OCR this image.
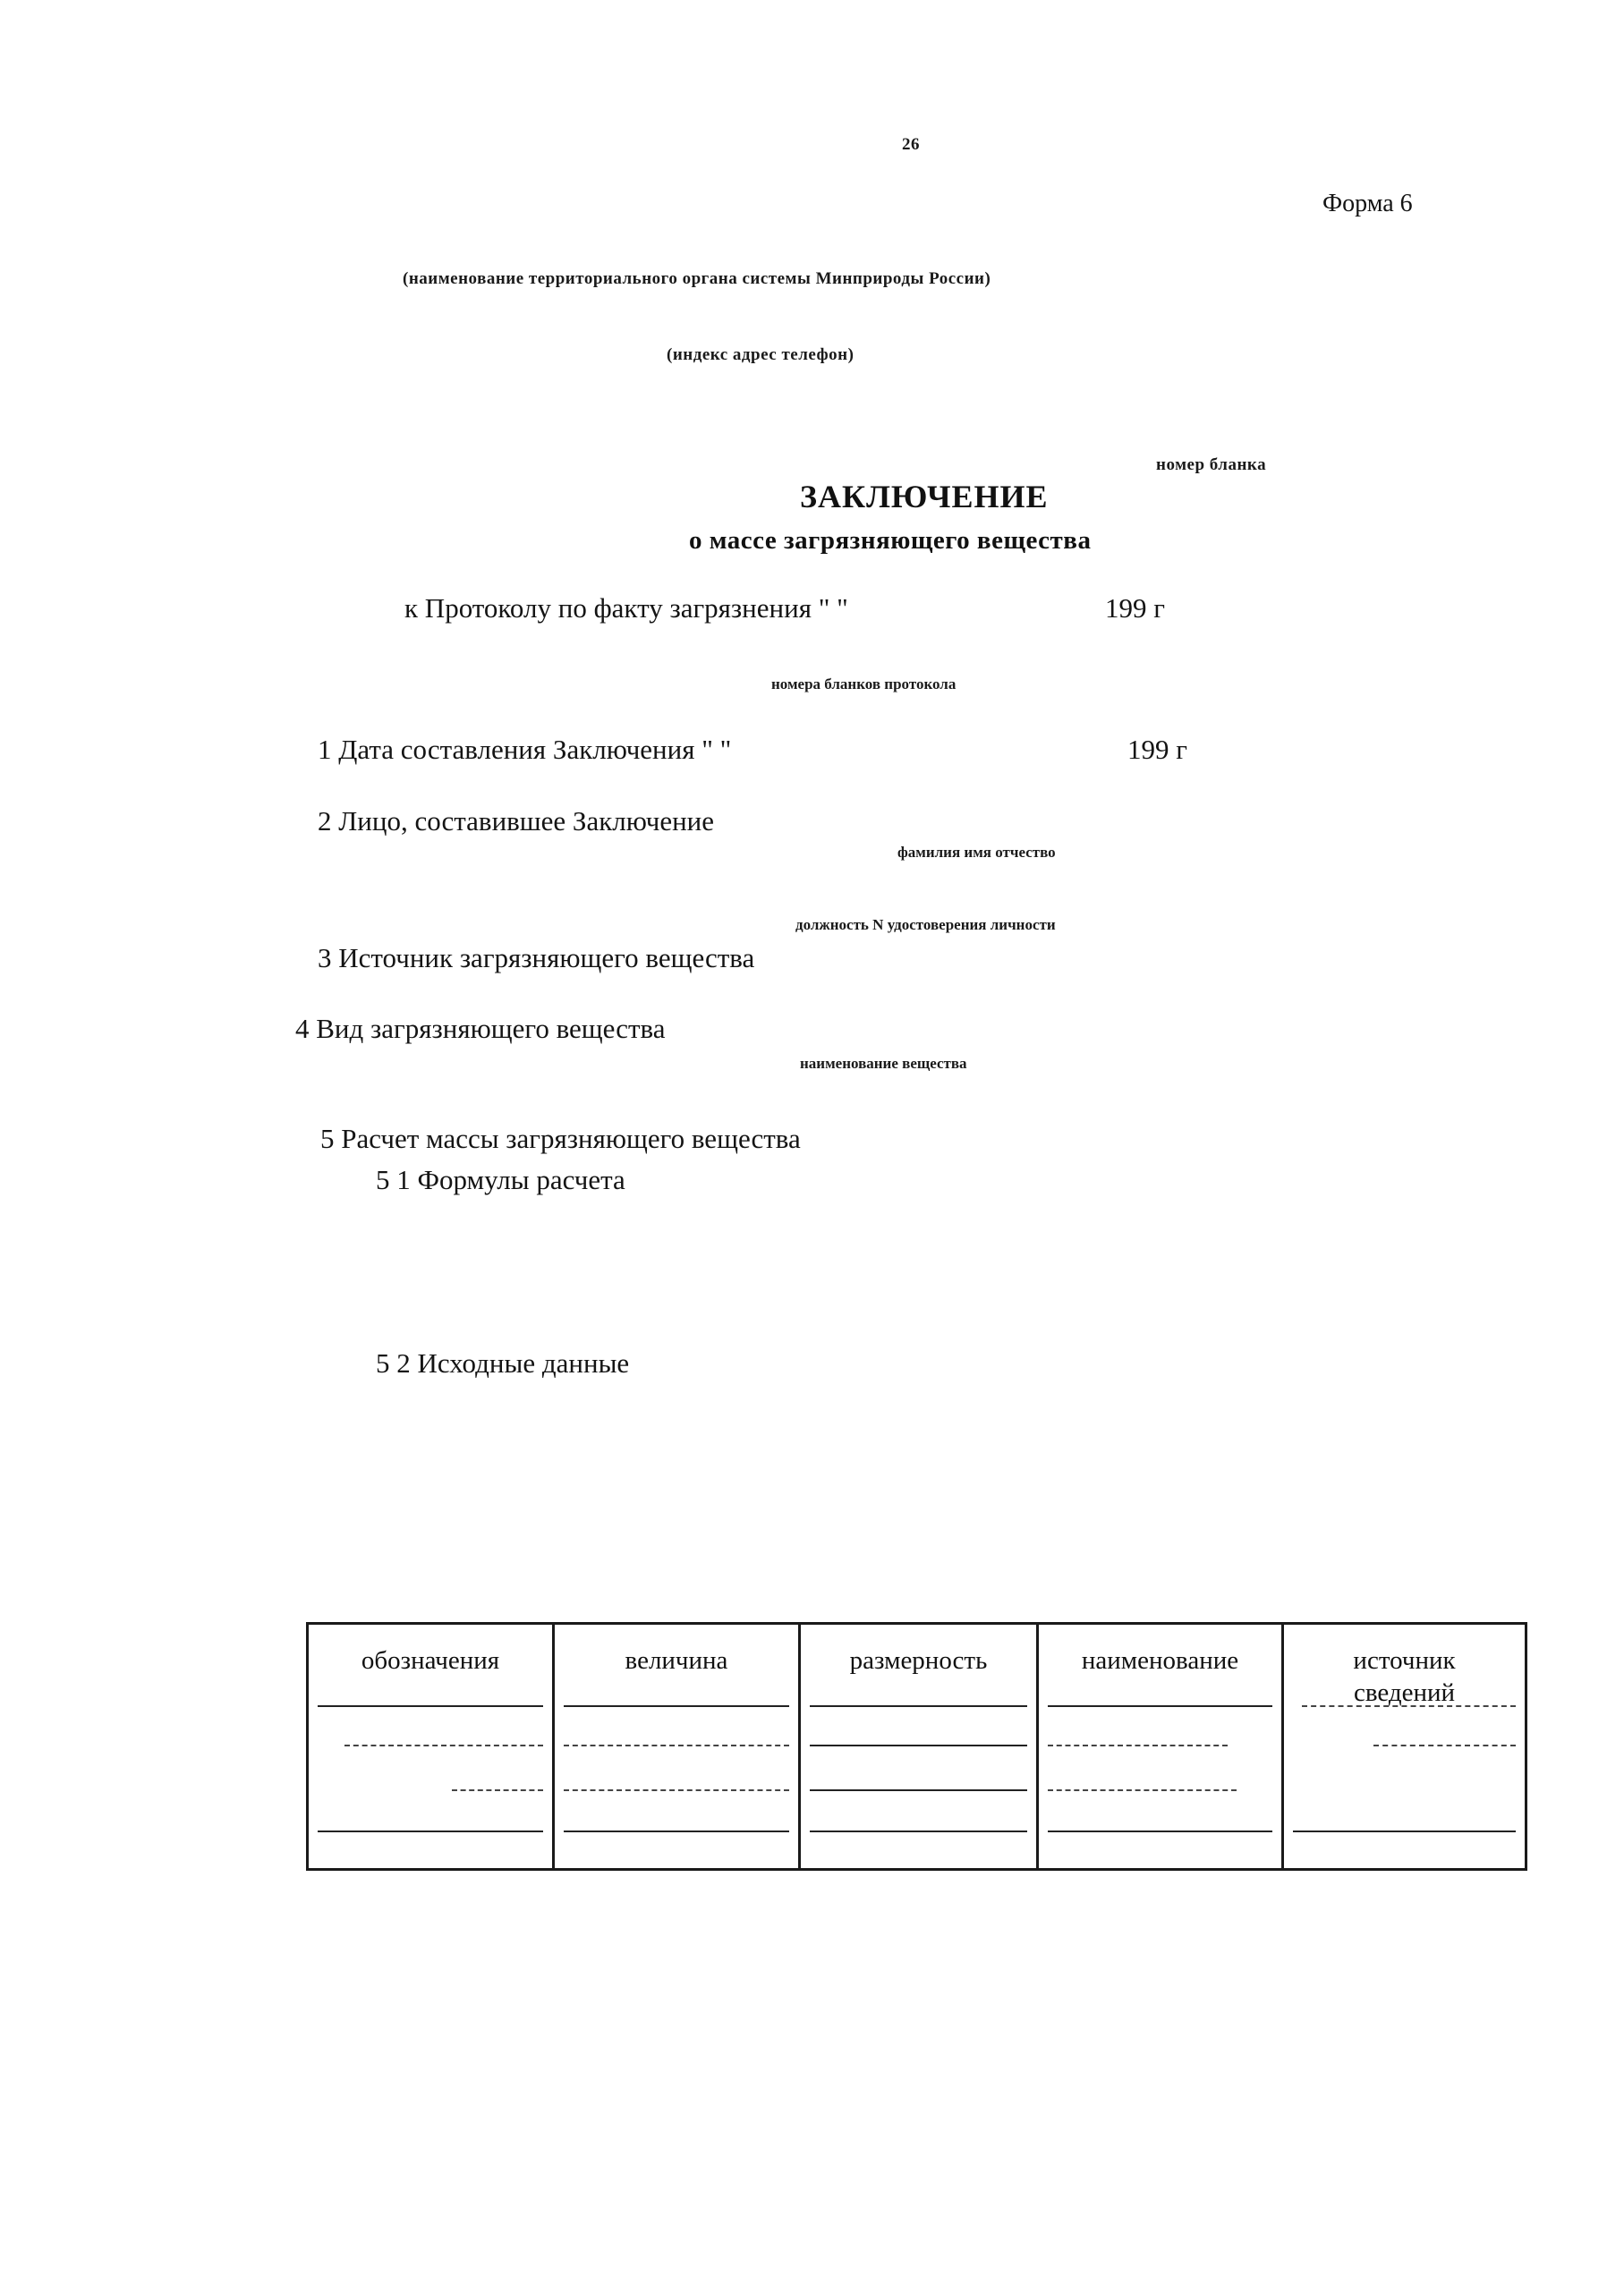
26
Форма 6
(наименование территориального органа системы Минприроды России)
(индекс адрес телефон)
номер бланка
ЗАКЛЮЧЕНИЕ
о массе загрязняющего вещества
к Протоколу по факту загрязнения " "	199 г
номера бланков протокола
1 Дата составления Заключения " "	199 г
2 Лицо, составившее Заключение
фамилия имя отчество
должность N удостоверения личности
3 Источник загрязняющего вещества
4 Вид загрязняющего вещества
наименование вещества
5 Расчет массы загрязняющего вещества
5 1 Формулы расчета
5 2 Исходные данные
обозначения	величина	размерность	наименование	источник сведений
